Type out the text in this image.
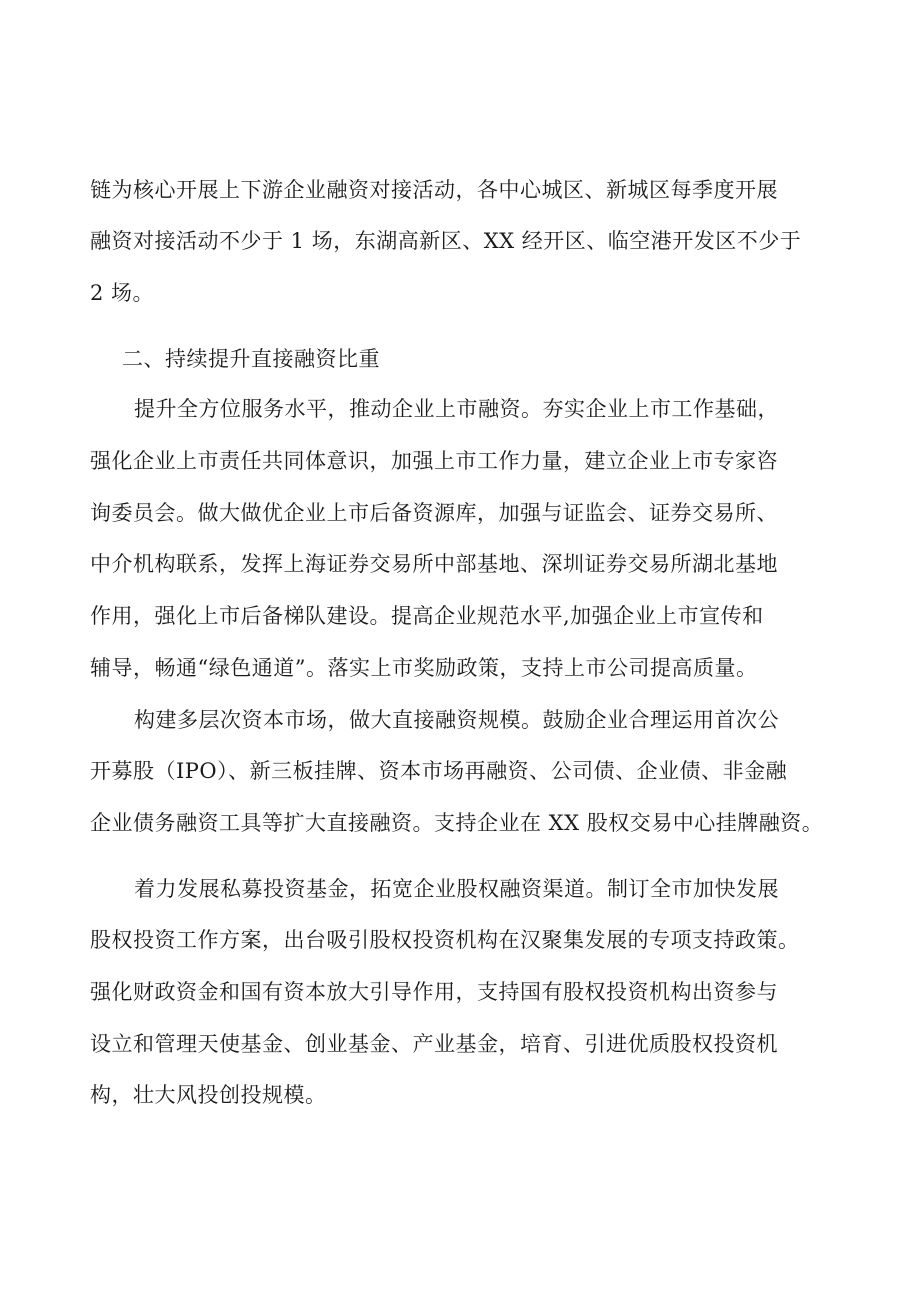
链为核心开展上下游企业融资对接活动，各中心城区、新城区每季度开展
融资对接活动不少于 1 场，东湖高新区、XX 经开区、临空港开发区不少于
2 场。
二、持续提升直接融资比重
提升全方位服务水平，推动企业上市融资。夯实企业上市工作基础，
强化企业上市责任共同体意识，加强上市工作力量，建立企业上市专家咨
询委员会。做大做优企业上市后备资源库，加强与证监会、证券交易所、
中介机构联系，发挥上海证券交易所中部基地、深圳证券交易所湖北基地
作用，强化上市后备梯队建设。提高企业规范水平,加强企业上市宣传和
辅导，畅通“绿色通道”。落实上市奖励政策，支持上市公司提高质量。
构建多层次资本市场，做大直接融资规模。鼓励企业合理运用首次公
开募股（IPO）、新三板挂牌、资本市场再融资、公司债、企业债、非金融
企业债务融资工具等扩大直接融资。支持企业在 XX 股权交易中心挂牌融资。
着力发展私募投资基金，拓宽企业股权融资渠道。制订全市加快发展
股权投资工作方案，出台吸引股权投资机构在汉聚集发展的专项支持政策。
强化财政资金和国有资本放大引导作用，支持国有股权投资机构出资参与
设立和管理天使基金、创业基金、产业基金，培育、引进优质股权投资机
构，壮大风投创投规模。
